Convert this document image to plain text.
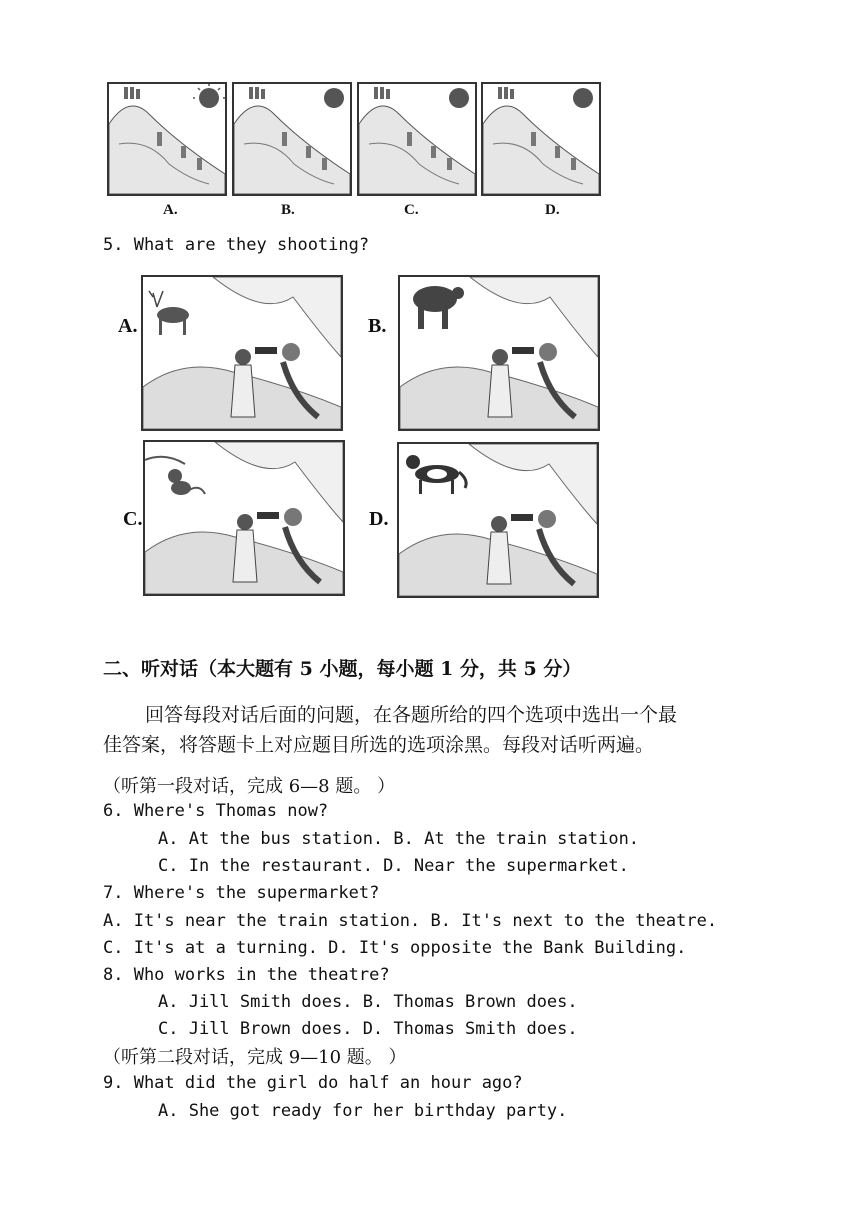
A.	B.	C.	D.
5. What are they shooting?
A.	B.
C.	D.
二、听对话（本大题有 5 小题，每小题 1 分，共 5 分）
回答每段对话后面的问题，在各题所给的四个选项中选出一个最
佳答案，将答题卡上对应题目所选的选项涂黑。每段对话听两遍。
（听第一段对话，完成 6—8 题。 ）
6. Where's Thomas now?
A. At the bus station. B. At the train station.
C. In the restaurant. D. Near the supermarket.
7. Where's the supermarket?
A. It's near the train station. B. It's next to the theatre.
C. It's at a turning. D. It's opposite the Bank Building.
8. Who works in the theatre?
A. Jill Smith does. B. Thomas Brown does.
C. Jill Brown does. D. Thomas Smith does.
（听第二段对话，完成 9—10 题。 ）
9. What did the girl do half an hour ago?
A. She got ready for her birthday party.
